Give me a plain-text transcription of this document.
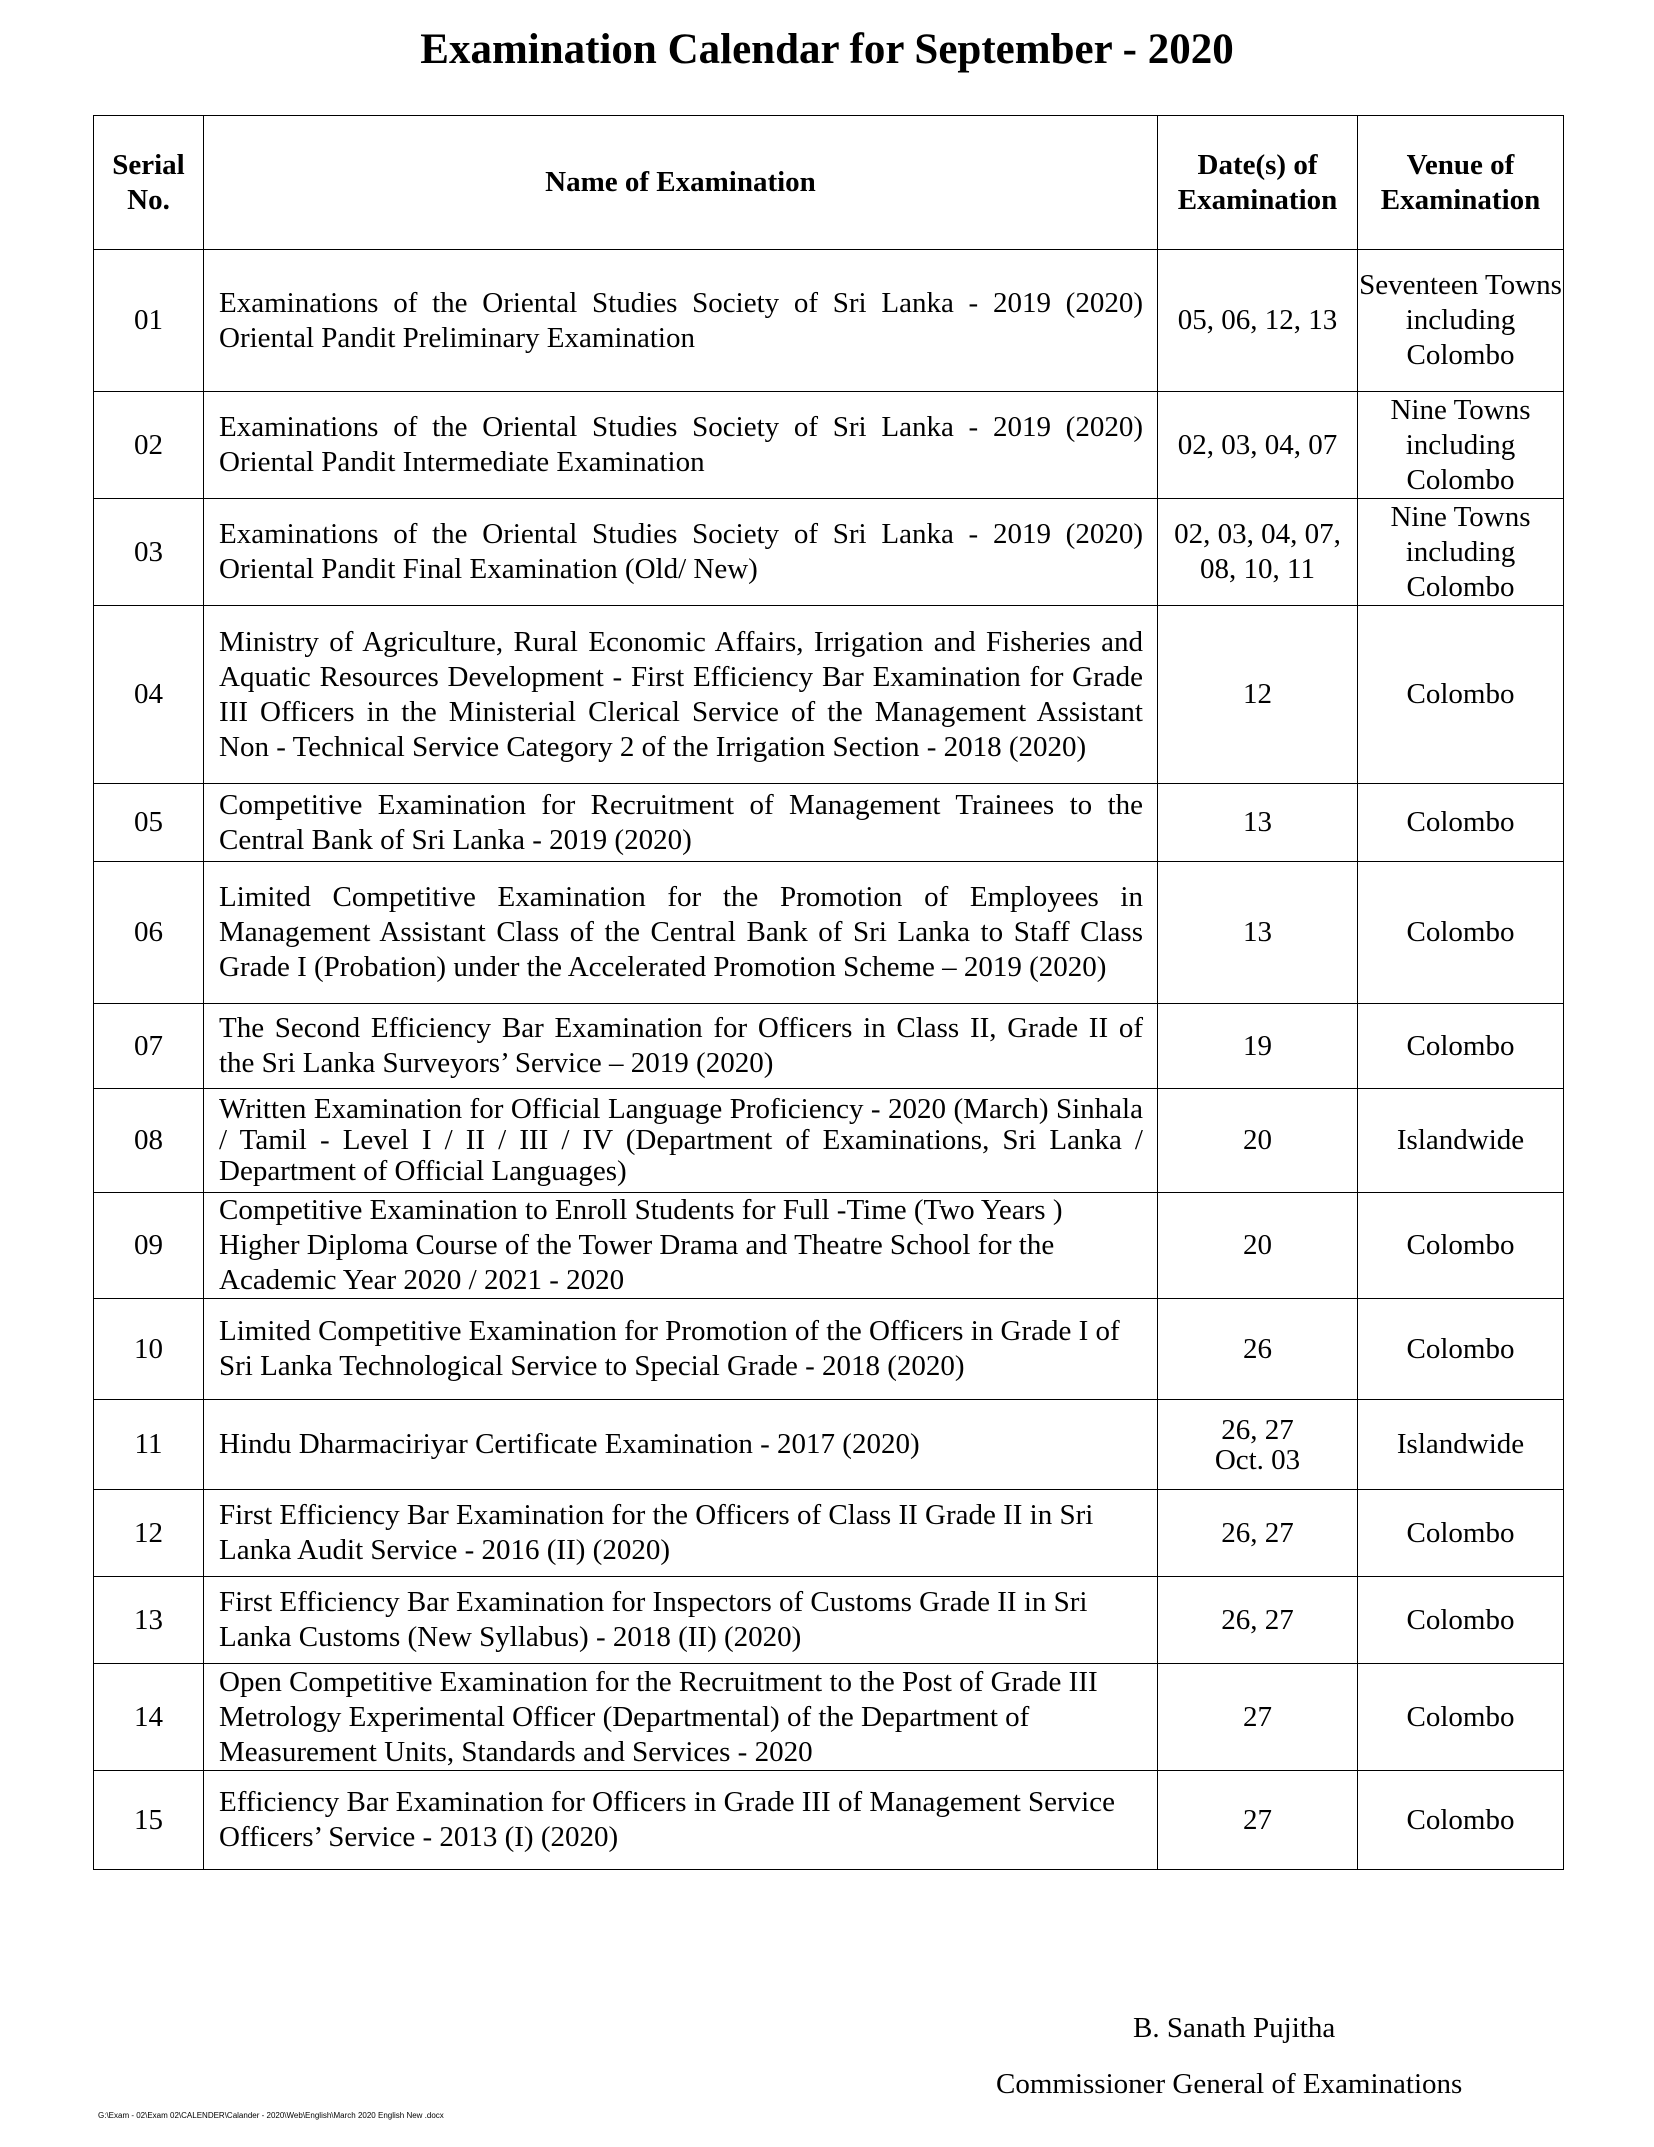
Examination Calendar for September - 2020
Serial No.	Name of Examination	Date(s) of Examination	Venue of Examination
01	Examinations of the Oriental Studies Society of Sri Lanka - 2019 (2020) Oriental Pandit Preliminary Examination	05, 06, 12, 13	Seventeen Towns including Colombo
02	Examinations of the Oriental Studies Society of Sri Lanka - 2019 (2020) Oriental Pandit Intermediate Examination	02, 03, 04, 07	Nine Towns including Colombo
03	Examinations of the Oriental Studies Society of Sri Lanka - 2019 (2020) Oriental Pandit Final Examination (Old/ New)	02, 03, 04, 07, 08, 10, 11	Nine Towns including Colombo
04	Ministry of Agriculture, Rural Economic Affairs, Irrigation and Fisheries and Aquatic Resources Development - First Efficiency Bar Examination for Grade III Officers in the Ministerial Clerical Service of the Management Assistant Non - Technical Service Category 2 of the Irrigation Section - 2018 (2020)	12	Colombo
05	Competitive Examination for Recruitment of Management Trainees to the Central Bank of Sri Lanka - 2019 (2020)	13	Colombo
06	Limited Competitive Examination for the Promotion of Employees in Management Assistant Class of the Central Bank of Sri Lanka to Staff Class Grade I (Probation) under the Accelerated Promotion Scheme – 2019 (2020)	13	Colombo
07	The Second Efficiency Bar Examination for Officers in Class II, Grade II of the Sri Lanka Surveyors’ Service – 2019 (2020)	19	Colombo
08	Written Examination for Official Language Proficiency - 2020 (March) Sinhala / Tamil - Level I / II / III / IV (Department of Examinations, Sri Lanka / Department of Official Languages)	20	Islandwide
09	Competitive Examination to Enroll Students for Full -Time (Two Years ) Higher Diploma Course of the Tower Drama and Theatre School for the Academic Year 2020 / 2021 - 2020	20	Colombo
10	Limited Competitive Examination for Promotion of the Officers in Grade I of Sri Lanka Technological Service to Special Grade - 2018 (2020)	26	Colombo
11	Hindu Dharmaciriyar Certificate Examination - 2017 (2020)	26, 27 Oct. 03	Islandwide
12	First Efficiency Bar Examination for the Officers of Class II Grade II in Sri Lanka Audit Service - 2016 (II) (2020)	26, 27	Colombo
13	First Efficiency Bar Examination for Inspectors of Customs Grade II in Sri Lanka Customs (New Syllabus) - 2018 (II) (2020)	26, 27	Colombo
14	Open Competitive Examination for the Recruitment to the Post of Grade III Metrology Experimental Officer (Departmental) of the Department of Measurement Units, Standards and Services - 2020	27	Colombo
15	Efficiency Bar Examination for Officers in Grade III of Management Service Officers’ Service - 2013 (I) (2020)	27	Colombo
B. Sanath Pujitha
Commissioner General of Examinations
G:\Exam - 02\Exam 02\CALENDER\Calander - 2020\Web\English\March 2020 English New .docx
